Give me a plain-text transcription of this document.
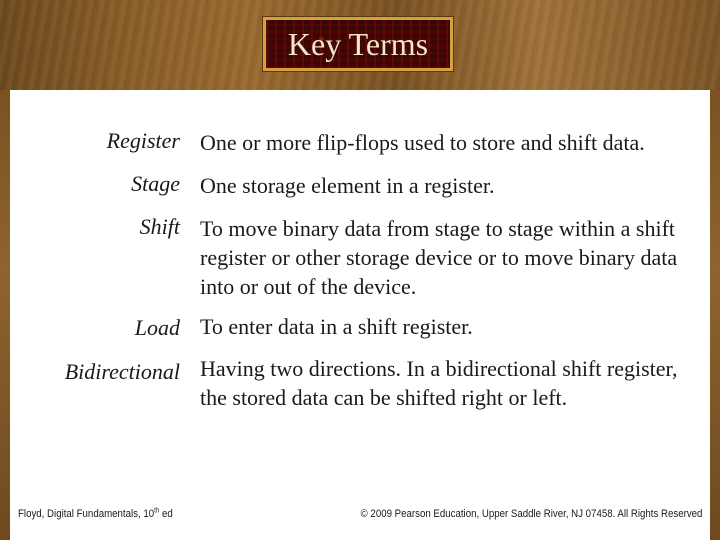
Key Terms
Register One or more flip-flops used to store and shift data.
Stage One storage element in a register.
Shift To move binary data from stage to stage within a shift register or other storage device or to move binary data into or out of the device.
Load To enter data in a shift register.
Bidirectional Having two directions. In a bidirectional shift register, the stored data can be shifted right or left.
Floyd, Digital Fundamentals, 10th ed	© 2009 Pearson Education, Upper Saddle River, NJ 07458. All Rights Reserved
